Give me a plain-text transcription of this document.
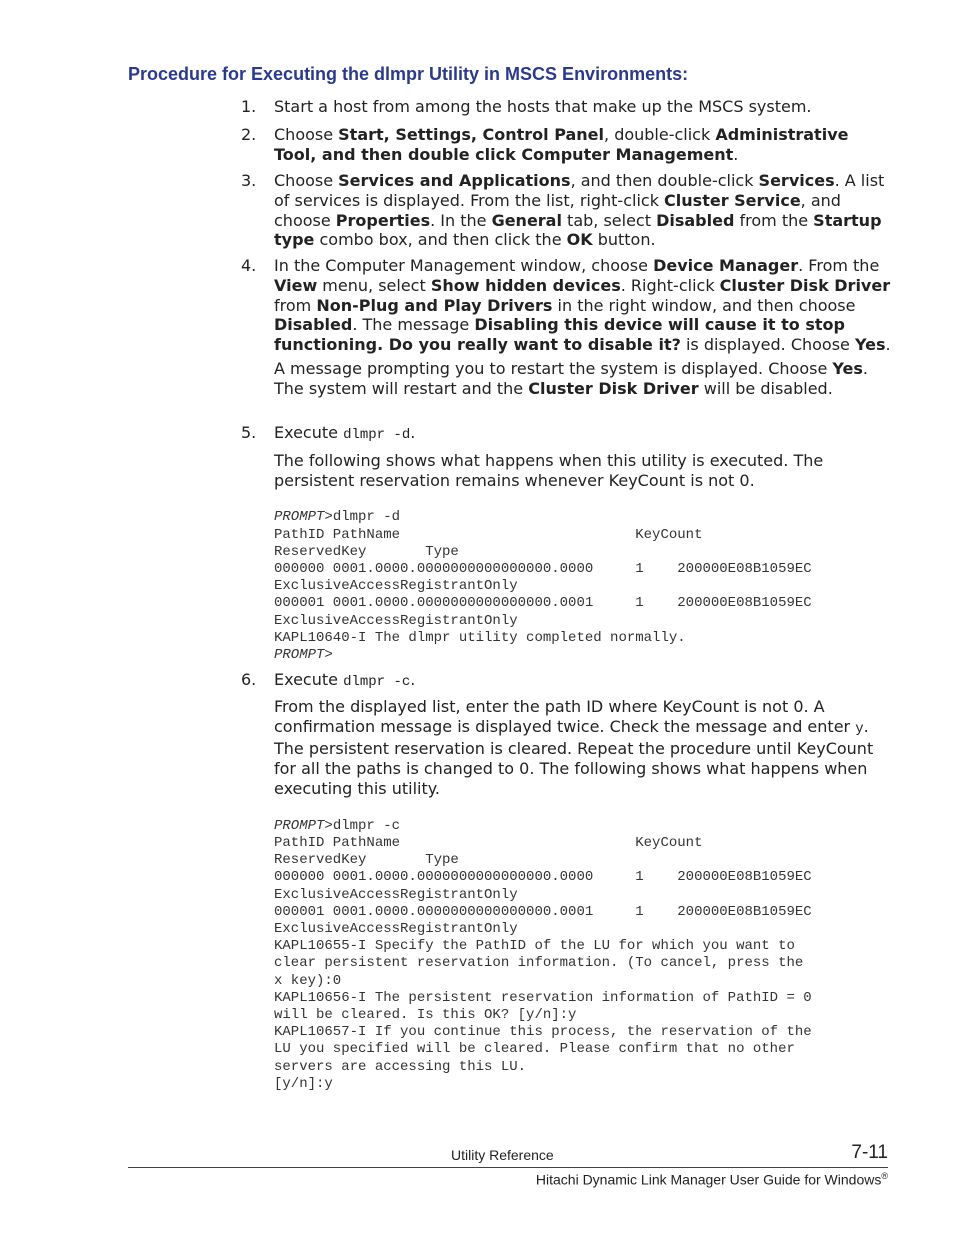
Procedure for Executing the dlmpr Utility in MSCS Environments:
1. Start a host from among the hosts that make up the MSCS system.

2. Choose Start, Settings, Control Panel, double-click Administrative Tool, and then double click Computer Management.

3. Choose Services and Applications, and then double-click Services. A list of services is displayed. From the list, right-click Cluster Service, and choose Properties. In the General tab, select Disabled from the Startup type combo box, and then click the OK button.

4. In the Computer Management window, choose Device Manager. From the View menu, select Show hidden devices. Right-click Cluster Disk Driver from Non-Plug and Play Drivers in the right window, and then choose Disabled. The message Disabling this device will cause it to stop functioning. Do you really want to disable it? is displayed. Choose Yes.

A message prompting you to restart the system is displayed. Choose Yes. The system will restart and the Cluster Disk Driver will be disabled.

5. Execute dlmpr -d.

The following shows what happens when this utility is executed. The persistent reservation remains whenever KeyCount is not 0.

PROMPT>dlmpr -d
PathID PathName                            KeyCount
ReservedKey       Type
000000 0001.0000.0000000000000000.0000     1    200000E08B1059EC
ExclusiveAccessRegistrantOnly
000001 0001.0000.0000000000000000.0001     1    200000E08B1059EC
ExclusiveAccessRegistrantOnly
KAPL10640-I The dlmpr utility completed normally.
PROMPT>
6. Execute dlmpr -c.

From the displayed list, enter the path ID where KeyCount is not 0. A confirmation message is displayed twice. Check the message and enter y. The persistent reservation is cleared. Repeat the procedure until KeyCount for all the paths is changed to 0. The following shows what happens when executing this utility.

PROMPT>dlmpr -c
PathID PathName                            KeyCount
ReservedKey       Type
000000 0001.0000.0000000000000000.0000     1    200000E08B1059EC
ExclusiveAccessRegistrantOnly
000001 0001.0000.0000000000000000.0001     1    200000E08B1059EC
ExclusiveAccessRegistrantOnly
KAPL10655-I Specify the PathID of the LU for which you want to
clear persistent reservation information. (To cancel, press the
x key):0
KAPL10656-I The persistent reservation information of PathID = 0
will be cleared. Is this OK? [y/n]:y
KAPL10657-I If you continue this process, the reservation of the
LU you specified will be cleared. Please confirm that no other
servers are accessing this LU.
[y/n]:y
Utility Reference	7-11
Hitachi Dynamic Link Manager User Guide for Windows®
